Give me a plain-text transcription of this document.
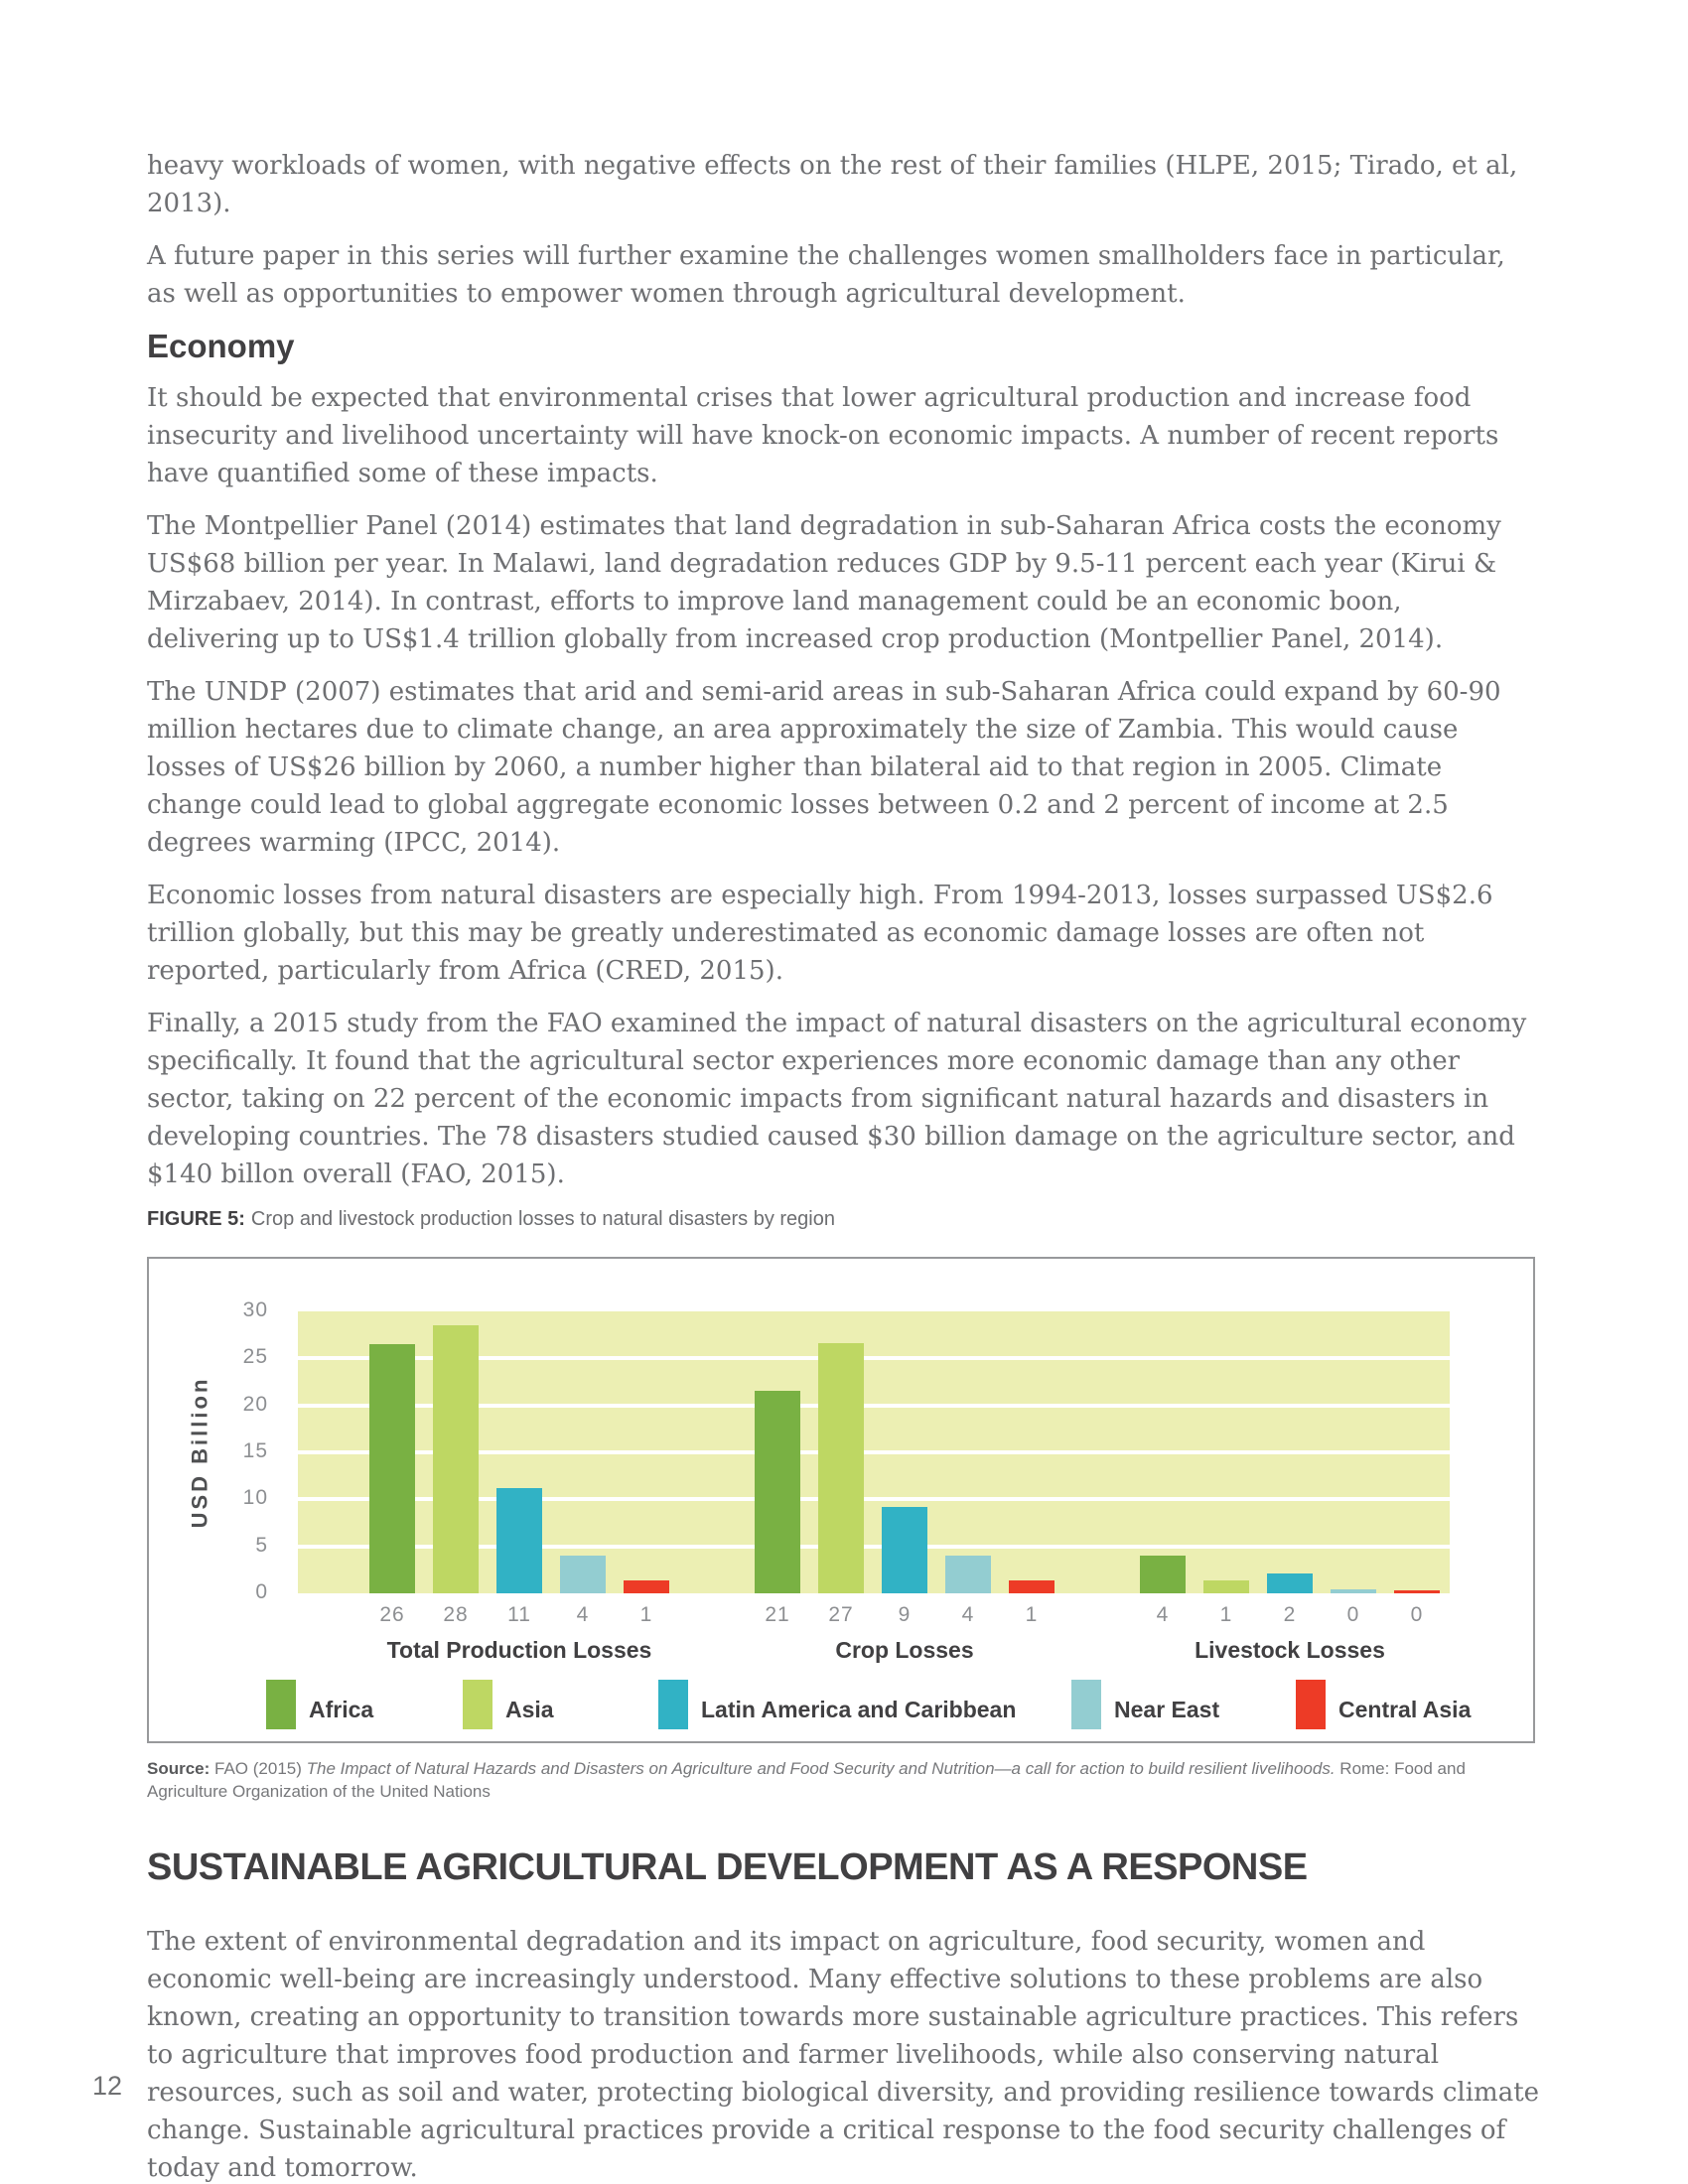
heavy workloads of women, with negative effects on the rest of their families (HLPE, 2015; Tirado, et al, 2013).

A future paper in this series will further examine the challenges women smallholders face in particular, as well as opportunities to empower women through agricultural development.

Economy

It should be expected that environmental crises that lower agricultural production and increase food insecurity and livelihood uncertainty will have knock-on economic impacts. A number of recent reports have quantified some of these impacts.

The Montpellier Panel (2014) estimates that land degradation in sub-Saharan Africa costs the economy US$68 billion per year. In Malawi, land degradation reduces GDP by 9.5-11 percent each year (Kirui & Mirzabaev, 2014). In contrast, efforts to improve land management could be an economic boon, delivering up to US$1.4 trillion globally from increased crop production (Montpellier Panel, 2014).

The UNDP (2007) estimates that arid and semi-arid areas in sub-Saharan Africa could expand by 60-90 million hectares due to climate change, an area approximately the size of Zambia. This would cause losses of US$26 billion by 2060, a number higher than bilateral aid to that region in 2005. Climate change could lead to global aggregate economic losses between 0.2 and 2 percent of income at 2.5 degrees warming (IPCC, 2014).

Economic losses from natural disasters are especially high. From 1994-2013, losses surpassed US$2.6 trillion globally, but this may be greatly underestimated as economic damage losses are often not reported, particularly from Africa (CRED, 2015).

Finally, a 2015 study from the FAO examined the impact of natural disasters on the agricultural economy specifically. It found that the agricultural sector experiences more economic damage than any other sector, taking on 22 percent of the economic impacts from significant natural hazards and disasters in developing countries. The 78 disasters studied caused $30 billion damage on the agriculture sector, and $140 billon overall (FAO, 2015).

FIGURE 5: Crop and livestock production losses to natural disasters by region

USD Billion
30
25
20
15
10
5
0
26	28	11	4	1
Total Production Losses
21	27	9	4	1
Crop Losses
4	1	2	0	0
Livestock Losses
Africa	Asia	Latin America and Caribbean	Near East	Central Asia

Source: FAO (2015) The Impact of Natural Hazards and Disasters on Agriculture and Food Security and Nutrition—a call for action to build resilient livelihoods. Rome: Food and Agriculture Organization of the United Nations

SUSTAINABLE AGRICULTURAL DEVELOPMENT AS A RESPONSE

The extent of environmental degradation and its impact on agriculture, food security, women and economic well-being are increasingly understood. Many effective solutions to these problems are also known, creating an opportunity to transition towards more sustainable agriculture practices. This refers to agriculture that improves food production and farmer livelihoods, while also conserving natural resources, such as soil and water, protecting biological diversity, and providing resilience towards climate change. Sustainable agricultural practices provide a critical response to the food security challenges of today and tomorrow.

12
